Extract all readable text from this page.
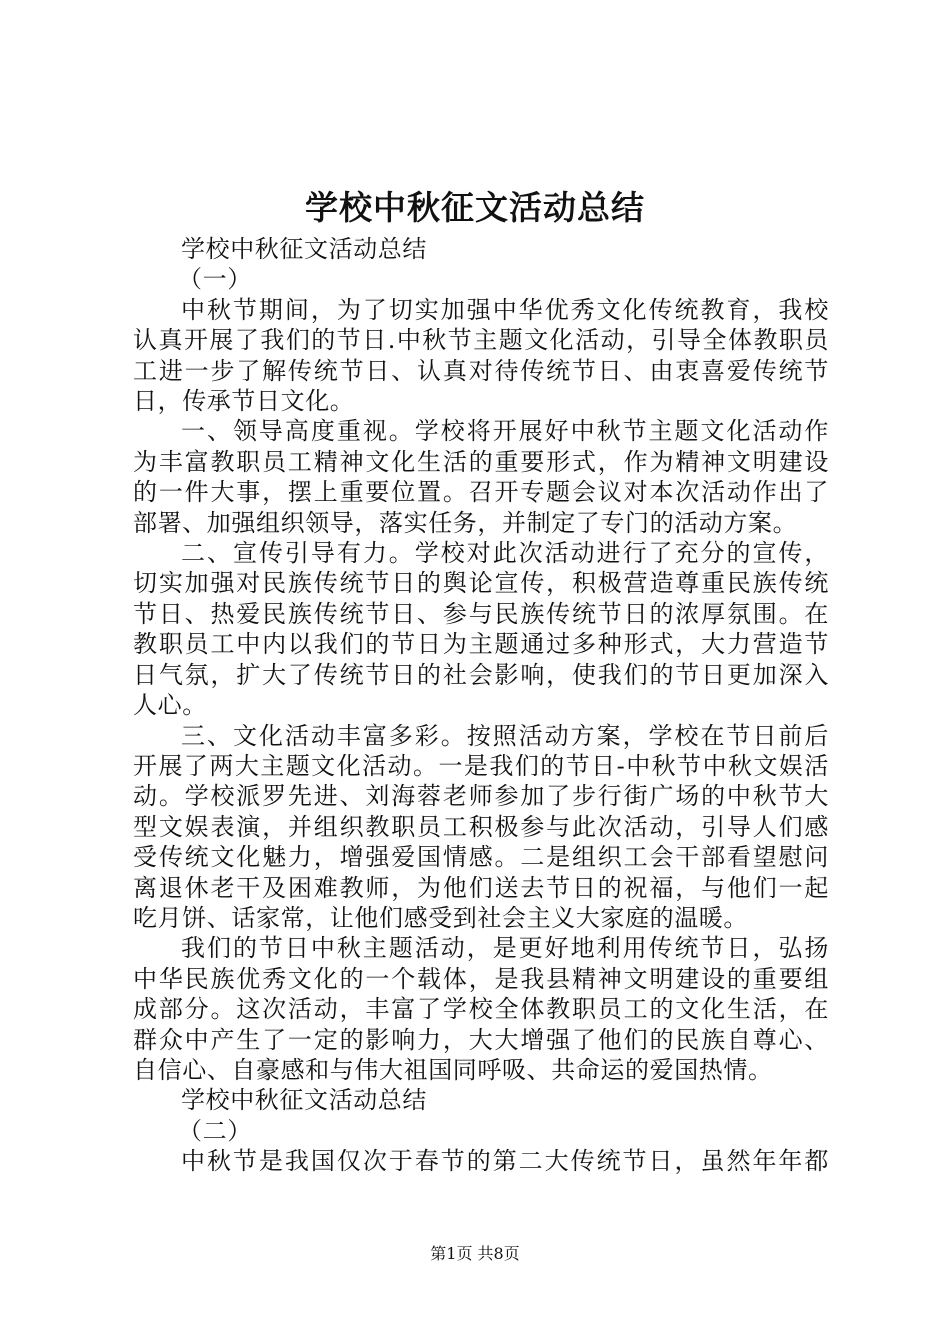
学校中秋征文活动总结

学校中秋征文活动总结

（一）

中秋节期间，为了切实加强中华优秀文化传统教育，我校

认真开展了我们的节日.中秋节主题文化活动，引导全体教职员

工进一步了解传统节日、认真对待传统节日、由衷喜爱传统节

日，传承节日文化。

一、领导高度重视。学校将开展好中秋节主题文化活动作

为丰富教职员工精神文化生活的重要形式，作为精神文明建设

的一件大事，摆上重要位置。召开专题会议对本次活动作出了

部署、加强组织领导，落实任务，并制定了专门的活动方案。

二、宣传引导有力。学校对此次活动进行了充分的宣传，

切实加强对民族传统节日的舆论宣传，积极营造尊重民族传统

节日、热爱民族传统节日、参与民族传统节日的浓厚氛围。在

教职员工中内以我们的节日为主题通过多种形式，大力营造节

日气氛，扩大了传统节日的社会影响，使我们的节日更加深入

人心。

三、文化活动丰富多彩。按照活动方案，学校在节日前后

开展了两大主题文化活动。一是我们的节日-中秋节中秋文娱活

动。学校派罗先进、刘海蓉老师参加了步行街广场的中秋节大

型文娱表演，并组织教职员工积极参与此次活动，引导人们感

受传统文化魅力，增强爱国情感。二是组织工会干部看望慰问

离退休老干及困难教师，为他们送去节日的祝福，与他们一起

吃月饼、话家常，让他们感受到社会主义大家庭的温暖。

我们的节日中秋主题活动，是更好地利用传统节日，弘扬

中华民族优秀文化的一个载体，是我县精神文明建设的重要组

成部分。这次活动，丰富了学校全体教职员工的文化生活，在

群众中产生了一定的影响力，大大增强了他们的民族自尊心、

自信心、自豪感和与伟大祖国同呼吸、共命运的爱国热情。

学校中秋征文活动总结

（二）

中秋节是我国仅次于春节的第二大传统节日，虽然年年都

第1页 共8页
